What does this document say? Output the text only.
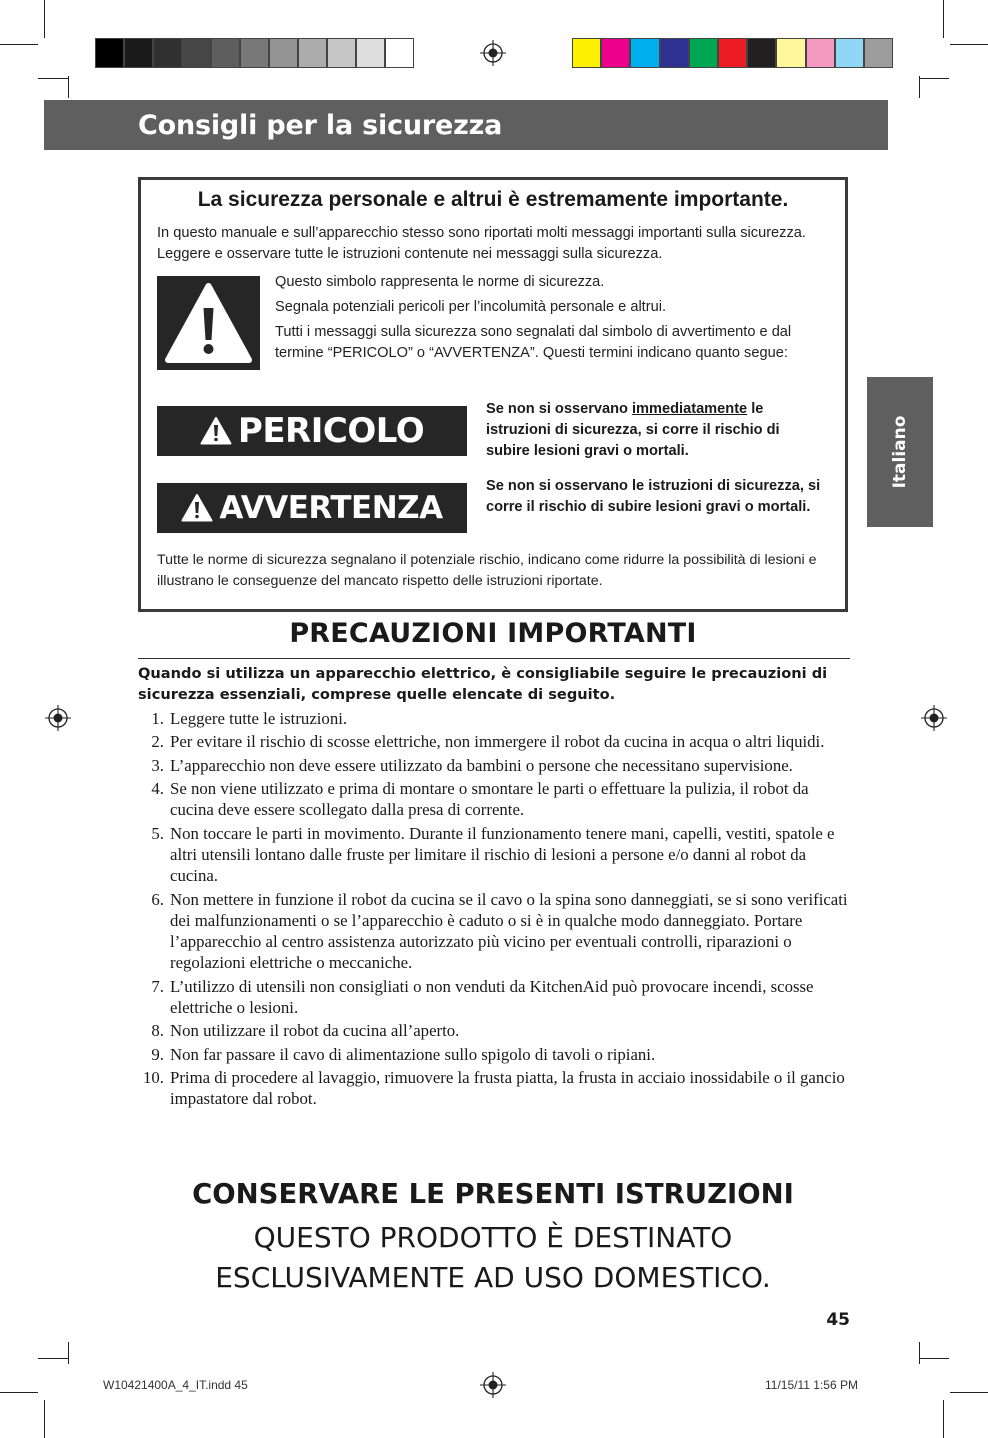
Consigli per la sicurezza
Italiano
La sicurezza personale e altrui è estremamente importante.
In questo manuale e sull’apparecchio stesso sono riportati molti messaggi importanti sulla sicurezza. Leggere e osservare tutte le istruzioni contenute nei messaggi sulla sicurezza.
Questo simbolo rappresenta le norme di sicurezza.
Segnala potenziali pericoli per l’incolumità personale e altrui.
Tutti i messaggi sulla sicurezza sono segnalati dal simbolo di avvertimento e dal termine “PERICOLO” o “AVVERTENZA”. Questi termini indicano quanto segue:
PERICOLO
Se non si osservano immediatamente le istruzioni di sicurezza, si corre il rischio di subire lesioni gravi o mortali.
AVVERTENZA
Se non si osservano le istruzioni di sicurezza, si corre il rischio di subire lesioni gravi o mortali.
Tutte le norme di sicurezza segnalano il potenziale rischio, indicano come ridurre la possibilità di lesioni e illustrano le conseguenze del mancato rispetto delle istruzioni riportate.
PRECAUZIONI IMPORTANTI
Quando si utilizza un apparecchio elettrico, è consigliabile seguire le precauzioni di sicurezza essenziali, comprese quelle elencate di seguito.
1. Leggere tutte le istruzioni.
2. Per evitare il rischio di scosse elettriche, non immergere il robot da cucina in acqua o altri liquidi.
3. L’apparecchio non deve essere utilizzato da bambini o persone che necessitano supervisione.
4. Se non viene utilizzato e prima di montare o smontare le parti o effettuare la pulizia, il robot da cucina deve essere scollegato dalla presa di corrente.
5. Non toccare le parti in movimento. Durante il funzionamento tenere mani, capelli, vestiti, spatole e altri utensili lontano dalle fruste per limitare il rischio di lesioni a persone e/o danni al robot da cucina.
6. Non mettere in funzione il robot da cucina se il cavo o la spina sono danneggiati, se si sono verificati dei malfunzionamenti o se l’apparecchio è caduto o si è in qualche modo danneggiato. Portare l’apparecchio al centro assistenza autorizzato più vicino per eventuali controlli, riparazioni o regolazioni elettriche o meccaniche.
7. L’utilizzo di utensili non consigliati o non venduti da KitchenAid può provocare incendi, scosse elettriche o lesioni.
8. Non utilizzare il robot da cucina all’aperto.
9. Non far passare il cavo di alimentazione sullo spigolo di tavoli o ripiani.
10. Prima di procedere al lavaggio, rimuovere la frusta piatta, la frusta in acciaio inossidabile o il gancio impastatore dal robot.
CONSERVARE LE PRESENTI ISTRUZIONI
QUESTO PRODOTTO È DESTINATO
ESCLUSIVAMENTE AD USO DOMESTICO.
45
W10421400A_4_IT.indd 45	11/15/11 1:56 PM
